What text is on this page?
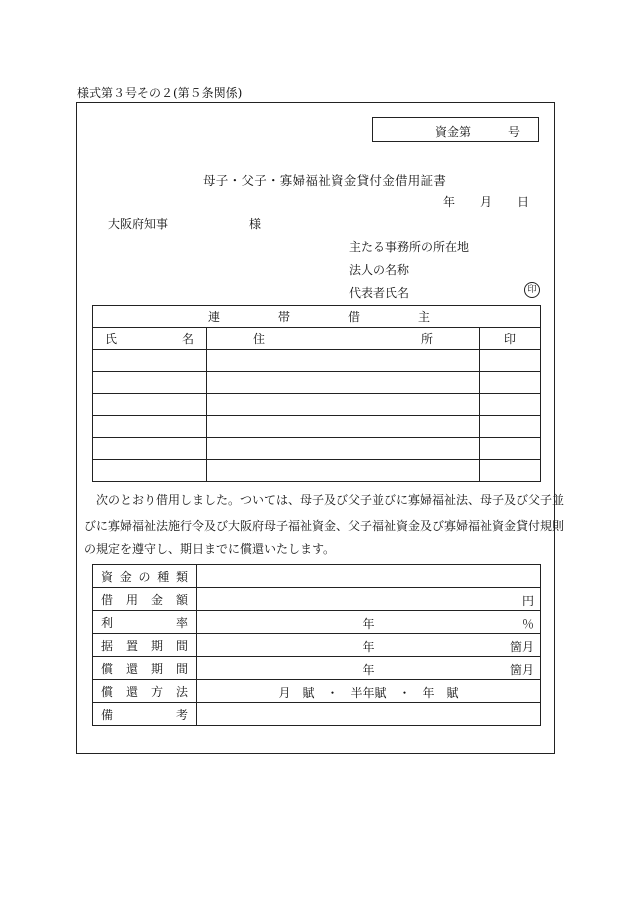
様式第３号その２(第５条関係)
資金第	号
母子・父子・寡婦福祉資金貸付金借用証書
年 月 日
大阪府知事	様
主たる事務所の所在地
法人の名称
代表者氏名	印
連 帯 借 主		

氏 名	住 所	印

次のとおり借用しました。ついては、母子及び父子並びに寡婦福祉法、母子及び父子並
びに寡婦福祉法施行令及び大阪府母子福祉資金、父子福祉資金及び寡婦福祉資金貸付規則
の規定を遵守し、期日までに償還いたします。
資 金 の 種 類	

借 用 金 額	円

利 率	年 ％

据 置 期 間	年 箇月

償 還 期 間	年 箇月

償 還 方 法	月　賦　・　半年賦　・　年　賦

備 考	
